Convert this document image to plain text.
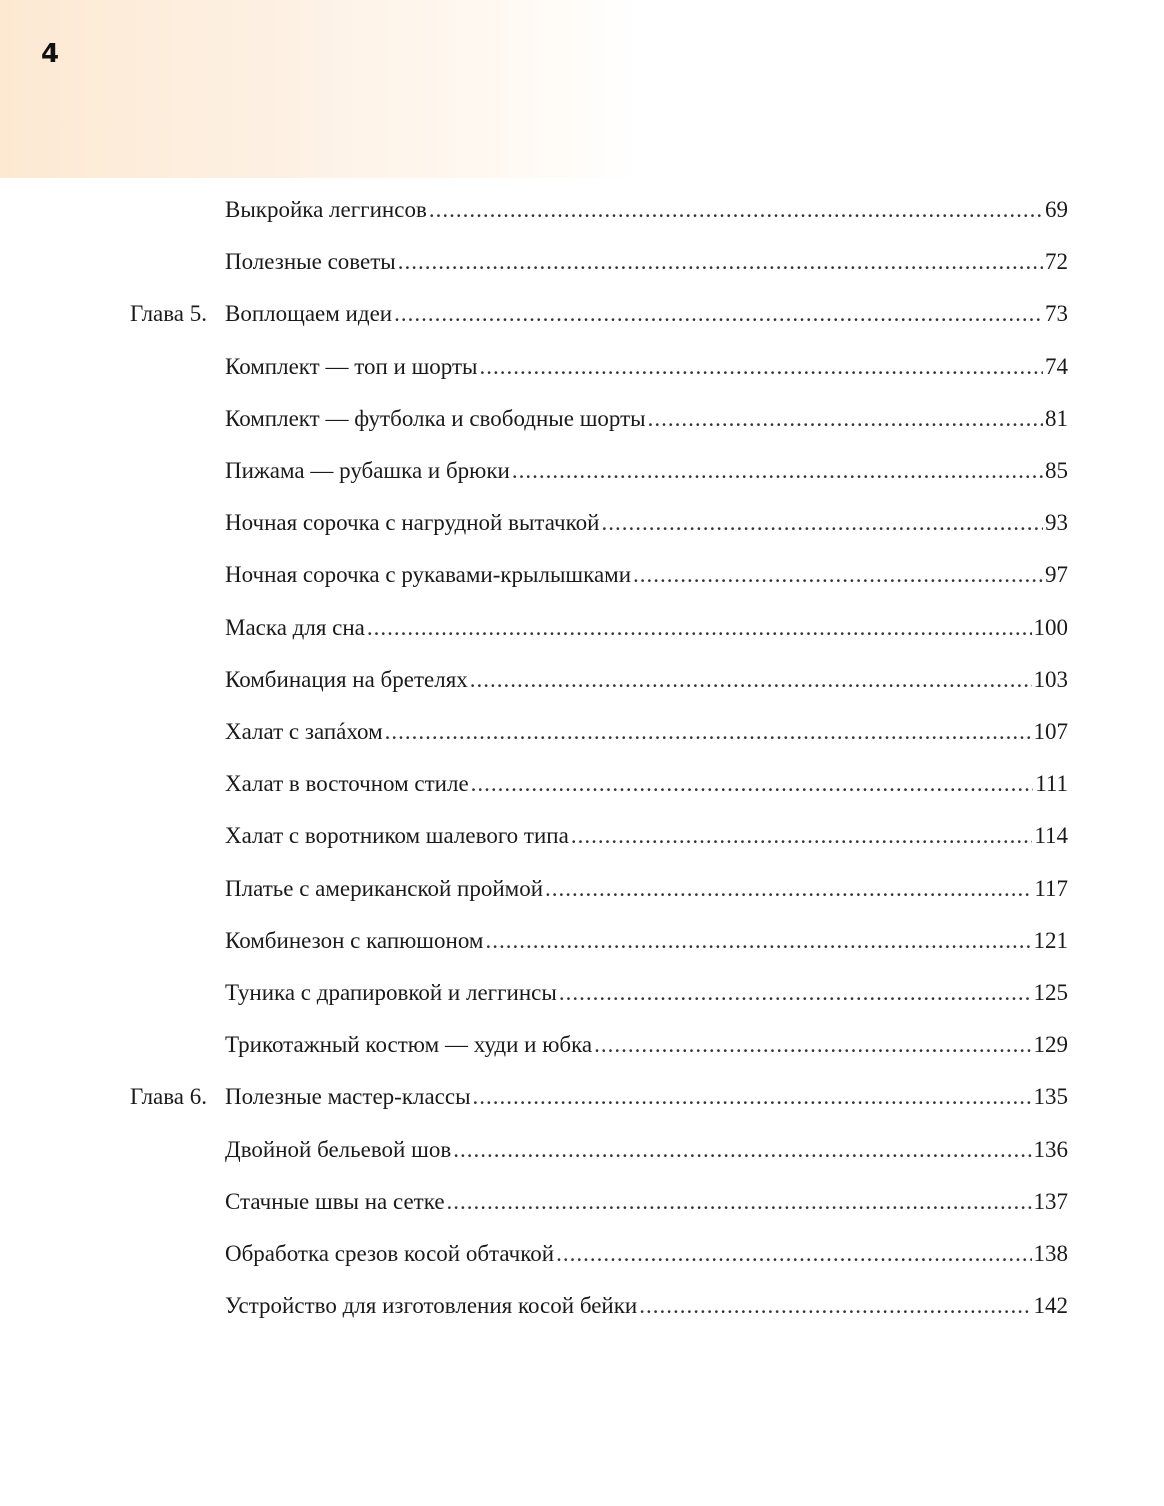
4
Выкройка леггинсов .....	69
Полезные советы .....	72
Глава 5. Воплощаем идеи .....	73
Комплект — топ и шорты .....	74
Комплект — футболка и свободные шорты .....	81
Пижама — рубашка и брюки .....	85
Ночная сорочка с нагрудной вытачкой .....	93
Ночная сорочка с рукавами-крылышками .....	97
Маска для сна .....	100
Комбинация на бретелях .....	103
Халат с запáхом .....	107
Халат в восточном стиле .....	111
Халат с воротником шалевого типа .....	114
Платье с американской проймой .....	117
Комбинезон с капюшоном .....	121
Туника с драпировкой и леггинсы .....	125
Трикотажный костюм — худи и юбка .....	129
Глава 6. Полезные мастер-классы .....	135
Двойной бельевой шов .....	136
Стачные швы на сетке .....	137
Обработка срезов косой обтачкой .....	138
Устройство для изготовления косой бейки .....	142
